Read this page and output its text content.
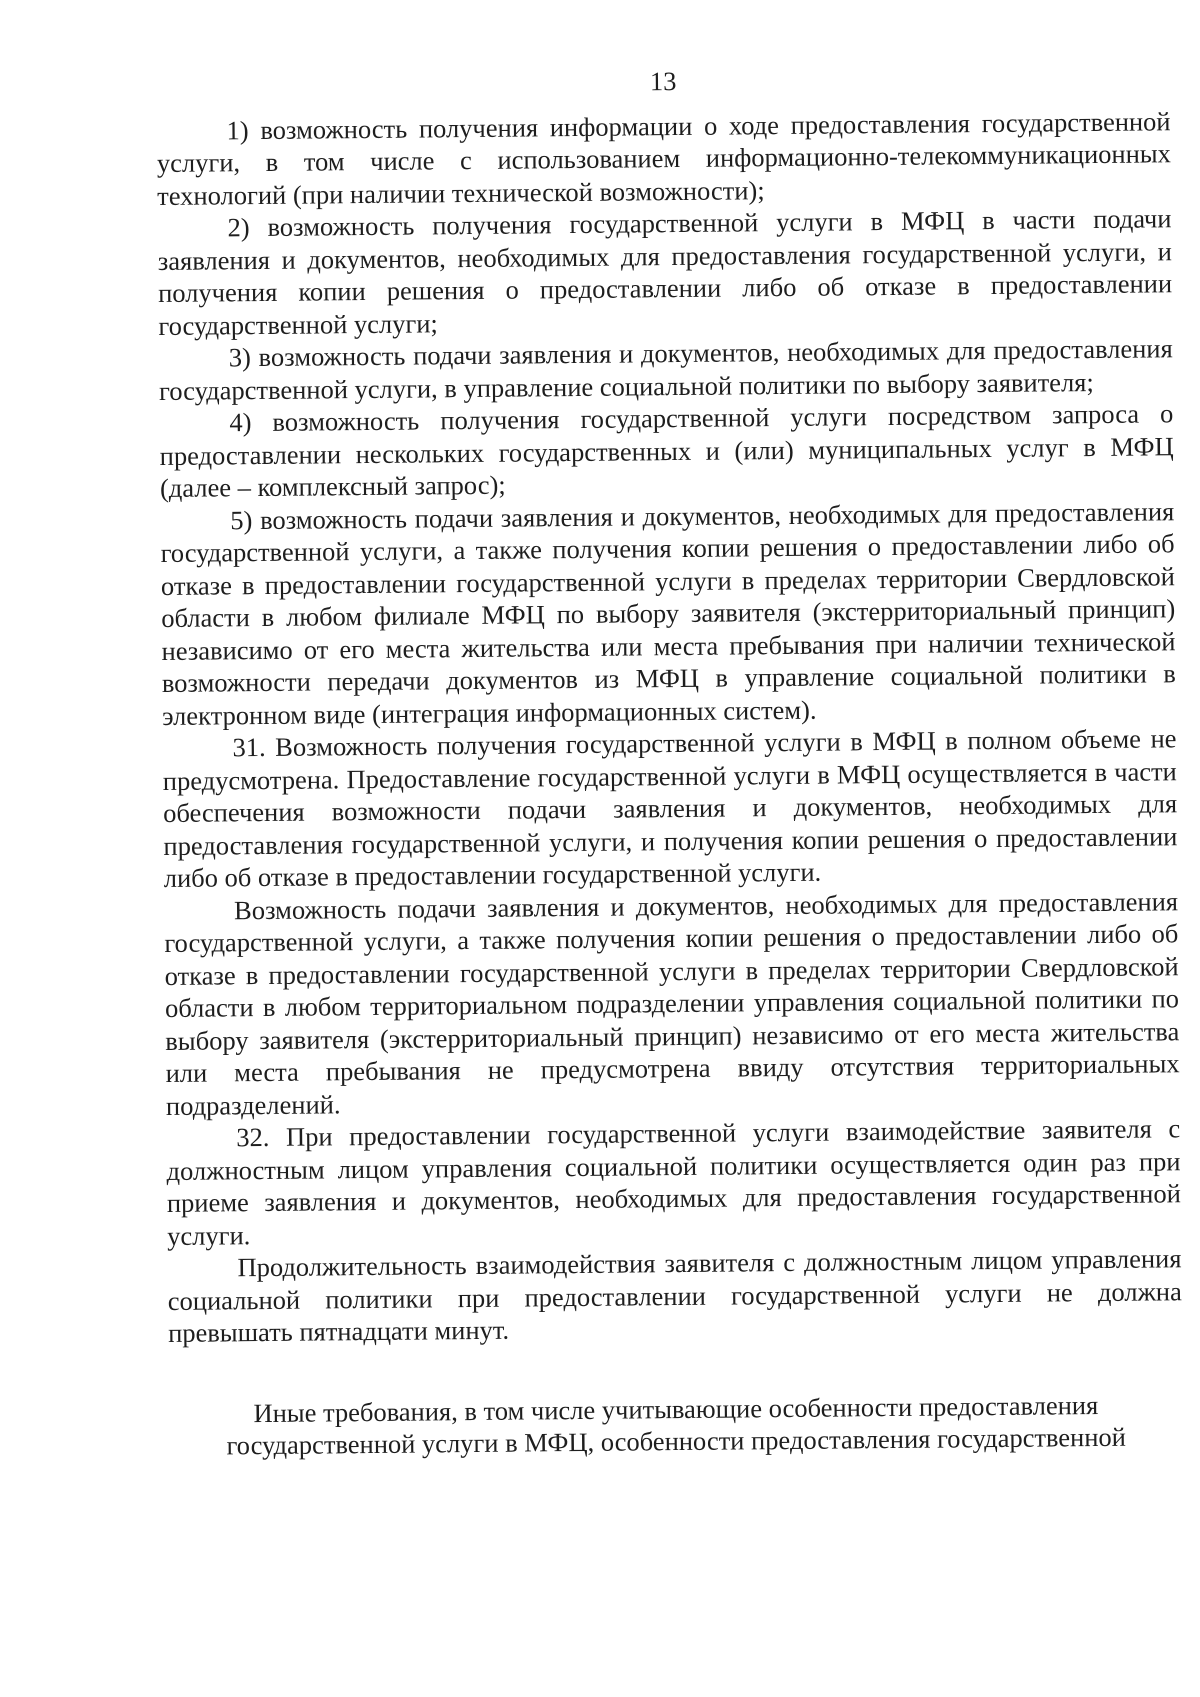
13

1) возможность получения информации о ходе предоставления государственной услуги, в том числе с использованием информационно-телекоммуникационных технологий (при наличии технической возможности);

2) возможность получения государственной услуги в МФЦ в части подачи заявления и документов, необходимых для предоставления государственной услуги, и получения копии решения о предоставлении либо об отказе в предоставлении государственной услуги;

3) возможность подачи заявления и документов, необходимых для предоставления государственной услуги, в управление социальной политики по выбору заявителя;

4) возможность получения государственной услуги посредством запроса о предоставлении нескольких государственных и (или) муниципальных услуг в МФЦ (далее – комплексный запрос);

5) возможность подачи заявления и документов, необходимых для предоставления государственной услуги, а также получения копии решения о предоставлении либо об отказе в предоставлении государственной услуги в пределах территории Свердловской области в любом филиале МФЦ по выбору заявителя (экстерриториальный принцип) независимо от его места жительства или места пребывания при наличии технической возможности передачи документов из МФЦ в управление социальной политики в электронном виде (интеграция информационных систем).

31. Возможность получения государственной услуги в МФЦ в полном объеме не предусмотрена. Предоставление государственной услуги в МФЦ осуществляется в части обеспечения возможности подачи заявления и документов, необходимых для предоставления государственной услуги, и получения копии решения о предоставлении либо об отказе в предоставлении государственной услуги.

Возможность подачи заявления и документов, необходимых для предоставления государственной услуги, а также получения копии решения о предоставлении либо об отказе в предоставлении государственной услуги в пределах территории Свердловской области в любом территориальном подразделении управления социальной политики по выбору заявителя (экстерриториальный принцип) независимо от его места жительства или места пребывания не предусмотрена ввиду отсутствия территориальных подразделений.

32. При предоставлении государственной услуги взаимодействие заявителя с должностным лицом управления социальной политики осуществляется один раз при приеме заявления и документов, необходимых для предоставления государственной услуги.

Продолжительность взаимодействия заявителя с должностным лицом управления социальной политики при предоставлении государственной услуги не должна превышать пятнадцати минут.

Иные требования, в том числе учитывающие особенности предоставления
государственной услуги в МФЦ, особенности предоставления государственной
